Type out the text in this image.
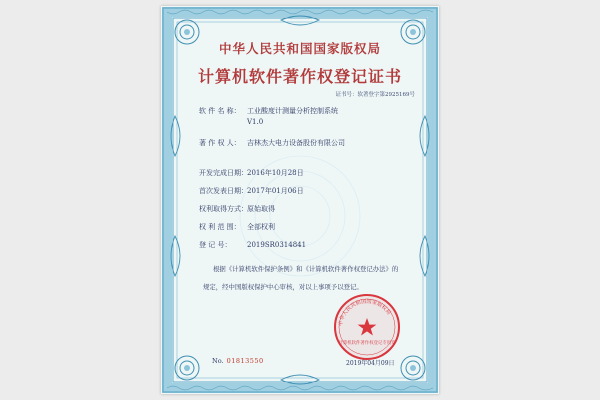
中华人民共和国国家版权局
计算机软件著作权登记证书
证书号：软著登字第2925169号
软 件 名 称： 工业酸度计测量分析控制系统
V1.0
著 作 权 人： 吉林杰大电力设备股份有限公司
开发完成日期：2016年10月28日
首次发表日期：2017年01月06日
权利取得方式：原始取得
权 利 范 围： 全部权利
登 记 号： 2019SR0314841
根据《计算机软件保护条例》和《计算机软件著作权登记办法》的
规定，经中国版权保护中心审核，对以上事项予以登记。
中华人民共和国国家版权局
计算机软件著作权登记专用章
2019年04月09日
No. 01813550
